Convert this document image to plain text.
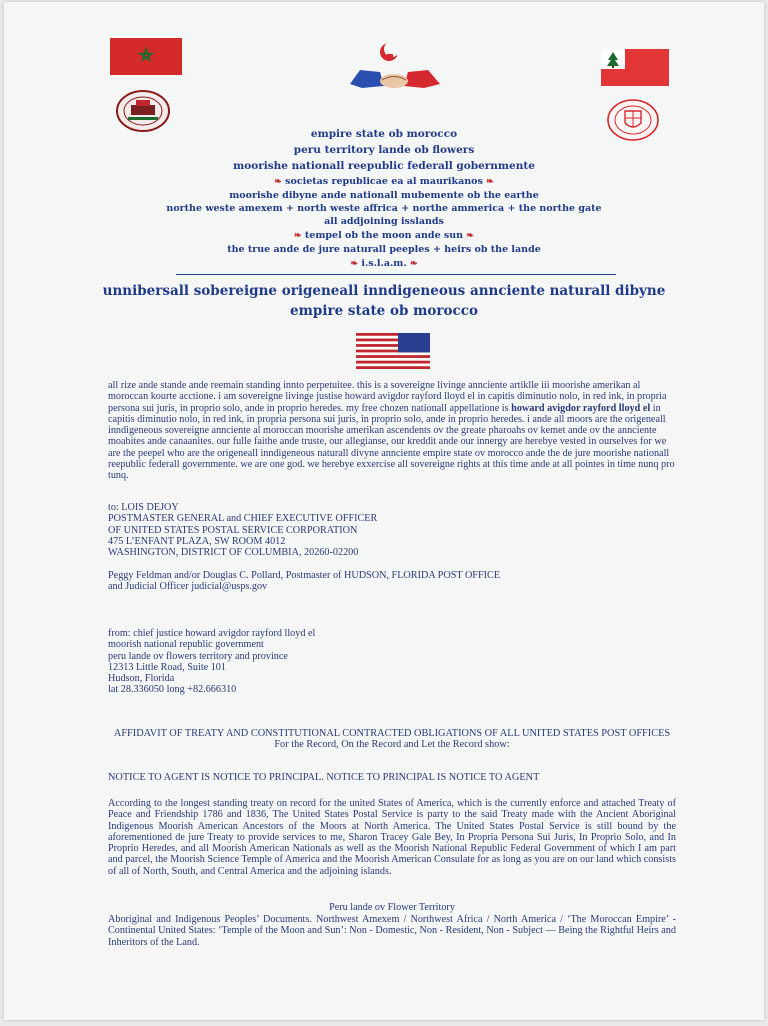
empire state ob morocco
peru territory lande ob flowers
moorishe nationall reepublic federall gobernmente
❧ societas republicae ea al maurikanos ❧
moorishe dibyne ande nationall mubemente ob the earthe
northe weste amexem + north weste affrica + northe ammerica + the northe gate
all addjoining isslands
❧ tempel ob the moon ande sun ❧
the true ande de jure naturall peeples + heirs ob the lande
❧ i.s.l.a.m. ❧
unnibersall sobereigne origeneall inndigeneous annciente naturall dibyne
empire state ob morocco
all rize ande stande ande reemain standing innto perpetuitee. this is a sovereigne livinge annciente artiklle iii moorishe amerikan al moroccan kourte acctione. i am sovereigne livinge justise howard avigdor rayford lloyd el in capitis diminutio nolo, in red ink, in propria persona sui juris, in proprio solo, ande in proprio heredes. my free chozen nationall appellatione is howard avigdor rayford lloyd el in capitis diminutio nolo, in red ink, in propria persona sui juris, in proprio solo, ande in proprio heredes. i ande all moors are the origeneall inndigeneous sovereigne annciente al moroccan moorishe amerikan ascendents ov the greate pharoahs ov kemet ande ov the annciente moabites ande canaanites. our fulle faithe ande truste, our allegianse, our kreddit ande our innergy are herebye vested in ourselves for we are the peepel who are the origeneall inndigeneous naturall divyne annciente empire state ov morocco ande the de jure moorishe nationall reepublic federall governmente. we are one god. we herebye exxercise all sovereigne rights at this time ande at all pointes in time nunq pro tunq.
to: LOIS DEJOY
POSTMASTER GENERAL and CHIEF EXECUTIVE OFFICER
OF UNITED STATES POSTAL SERVICE CORPORATION
475 L’ENFANT PLAZA, SW ROOM 4012
WASHINGTON, DISTRICT OF COLUMBIA, 20260-02200
Peggy Feldman and/or Douglas C. Pollard, Postmaster of HUDSON, FLORIDA POST OFFICE
and Judicial Officer judicial@usps.gov
from: chief justice howard avigdor rayford lloyd el
moorish national republic government
peru lande ov flowers territory and province
12313 Little Road, Suite 101
Hudson, Florida
lat 28.336050 long +82.666310
AFFIDAVIT OF TREATY AND CONSTITUTIONAL CONTRACTED OBLIGATIONS OF ALL UNITED STATES POST OFFICES
For the Record, On the Record and Let the Record show:
NOTICE TO AGENT IS NOTICE TO PRINCIPAL. NOTICE TO PRINCIPAL IS NOTICE TO AGENT
According to the longest standing treaty on record for the united States of America, which is the currently enforce and attached Treaty of Peace and Friendship 1786 and 1836, The United States Postal Service is party to the said Treaty made with the Ancient Aboriginal Indigenous Moorish American Ancestors of the Moors at North America. The United States Postal Service is still bound by the aforementioned de jure Treaty to provide services to me, Sharon Tracey Gale Bey, In Propria Persona Sui Juris, In Proprio Solo, and In Proprio Heredes, and all Moorish American Nationals as well as the Moorish National Republic Federal Government of which I am part and parcel, the Moorish Science Temple of America and the Moorish American Consulate for as long as you are on our land which consists of all of North, South, and Central America and the adjoining islands.
Peru lande ov Flower Territory
Aboriginal and Indigenous Peoples’ Documents. Northwest Amexem / Northwest Africa / North America / ‘The Moroccan Empire’ - Continental United States: ‘Temple of the Moon and Sun’: Non - Domestic, Non - Resident, Non - Subject — Being the Rightful Heirs and Inheritors of the Land.
